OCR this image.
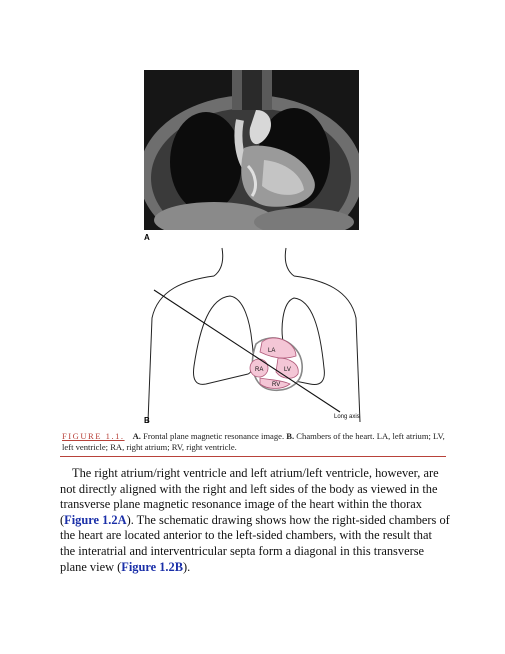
A
LA
RA	LV
RV
Long axis
B
FIGURE 1.1. A. Frontal plane magnetic resonance image. B. Chambers of the heart. LA, left atrium; LV, left ventricle; RA, right atrium; RV, right ventricle.

The right atrium/right ventricle and left atrium/left ventricle, however, are not directly aligned with the right and left sides of the body as viewed in the transverse plane magnetic resonance image of the heart within the thorax (Figure 1.2A). The schematic drawing shows how the right-sided chambers of the heart are located anterior to the left-sided chambers, with the result that the interatrial and interventricular septa form a diagonal in this transverse plane view (Figure 1.2B).
